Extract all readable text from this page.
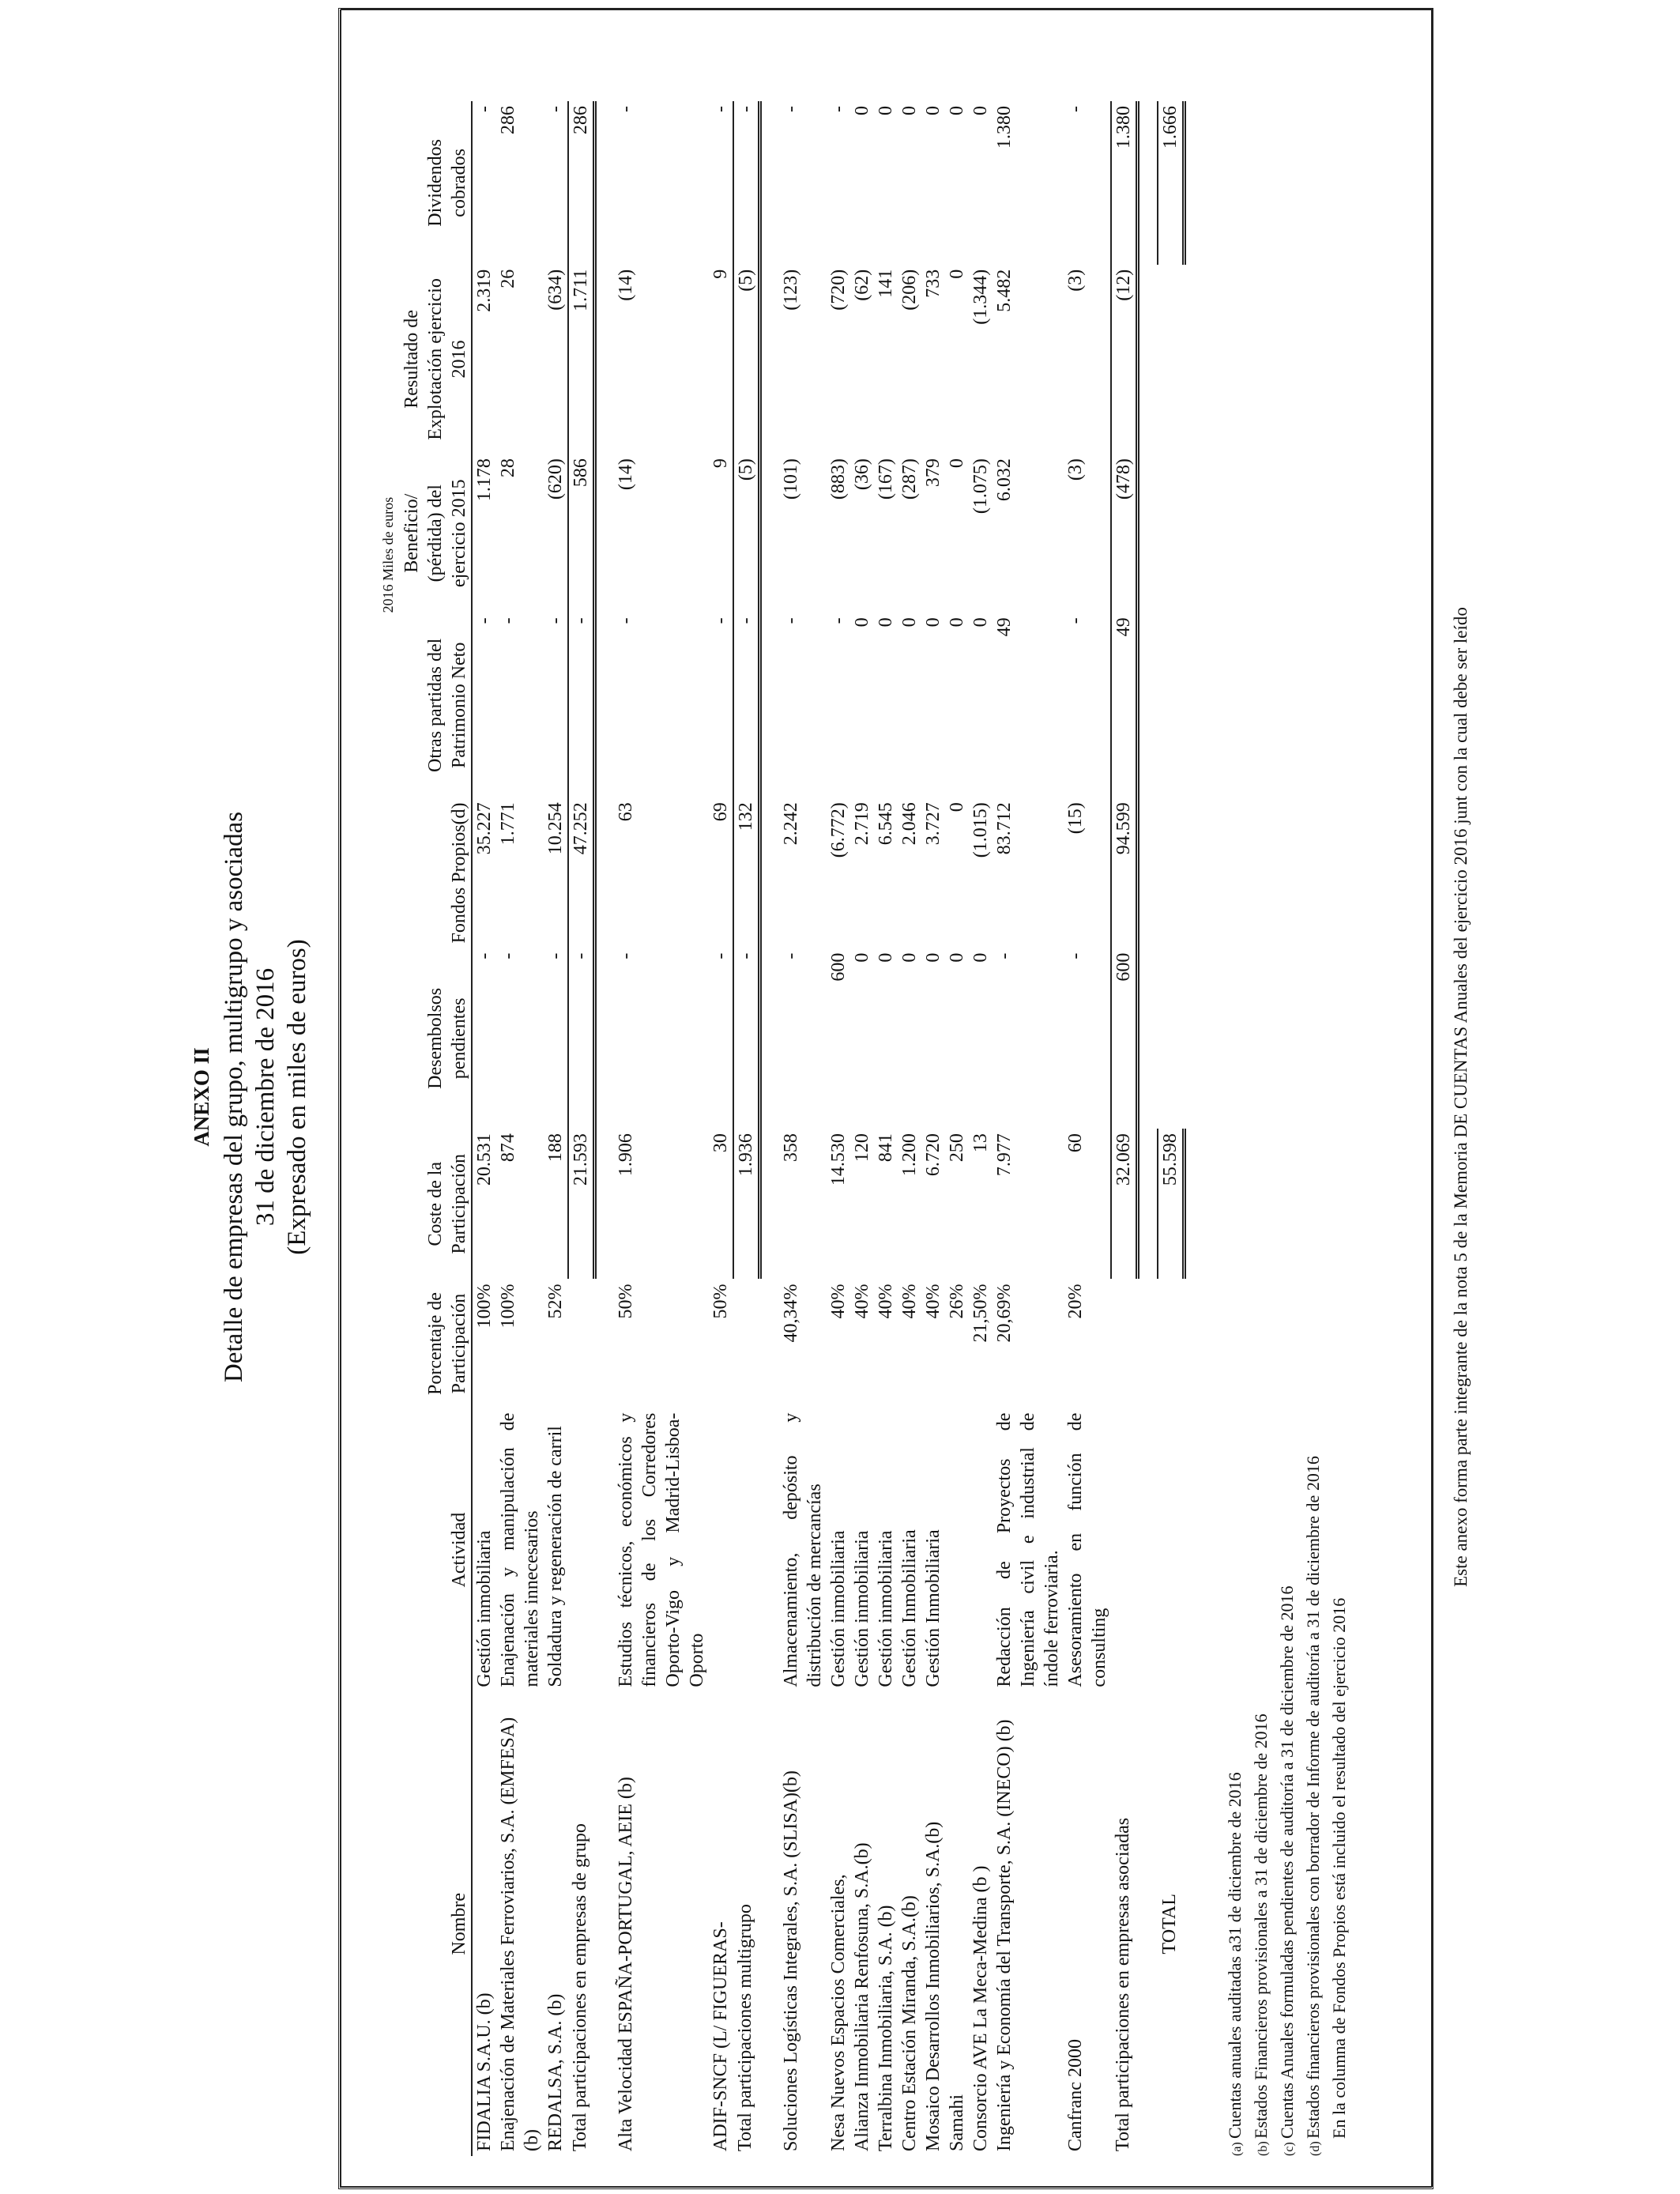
ANEXO II Detalle de empresas del grupo, multigrupo y asociadas 31 de diciembre de 2016 (Expresado en miles de euros)
							2016 Miles de euros		
Nombre	Actividad	Porcentaje de Participación	Coste de la Participación	Desembolsos pendientes	Fondos Propios(d)	Otras partidas del Patrimonio Neto	Beneficio/ (pérdida) del ejercicio 2015	Resultado de Explotación ejercicio 2016	Dividendos cobrados
FIDALIA S.A.U. (b)	Gestión inmobiliaria	100%	20.531	-	35.227	-	1.178	2.319	-
Enajenación de Materiales Ferroviarios, S.A. (EMFESA) (b)	Enajenación y manipulación de materiales innecesarios	100%	874	-	1.771	-	28	26	286
REDALSA, S.A. (b)	Soldadura y regeneración de carril	52%	188	-	10.254	-	(620)	(634)	-
Total participaciones en empresas de grupo			21.593	-	47.252	-	586	1.711	286

Alta Velocidad ESPAÑA-PORTUGAL, AEIE (b)	Estudios técnicos, económicos y financieros de los Corredores Oporto-Vigo y Madrid-Lisboa-Oporto	50%	1.906	-	63	-	(14)	(14)	-
ADIF-SNCF (L/ FIGUERAS-		50%	30	-	69	-	9	9	-
Total participaciones multigrupo			1.936	-	132	-	(5)	(5)	-

Soluciones Logísticas Integrales, S.A. (SLISA)(b)	Almacenamiento, depósito y distribución de mercancías	40,34%	358	-	2.242	-	(101)	(123)	-
Nesa Nuevos Espacios Comerciales,	Gestión inmobiliaria	40%	14.530	600	(6.772)	-	(883)	(720)	-
Alianza Inmobiliaria Renfosuna, S.A.(b)	Gestión inmobiliaria	40%	120	0	2.719	0	(36)	(62)	0
Terralbina Inmobiliaria, S.A. (b)	Gestión inmobiliaria	40%	841	0	6.545	0	(167)	141	0
Centro Estación Miranda, S.A.(b)	Gestión Inmobiliaria	40%	1.200	0	2.046	0	(287)	(206)	0
Mosaico Desarrollos Inmobiliarios, S.A.(b)	Gestión Inmobiliaria	40%	6.720	0	3.727	0	379	733	0
Samahi		26%	250	0	0	0	0	0	0
Consorcio AVE La Meca-Medina (b )		21,50%	13	0	(1.015)	0	(1.075)	(1.344)	0
Ingeniería y Economía del Transporte, S.A. (INECO) (b)	Redacción de Proyectos de Ingeniería civil e industrial de índole ferroviaria.	20,69%	7.977	-	83.712	49	6.032	5.482	1.380
Canfranc 2000	Asesoramiento en función de consulting	20%	60	-	(15)	-	(3)	(3)	-
Total participaciones en empresas asociadas			32.069	600	94.599	49	(478)	(12)	1.380

TOTAL			55.598						1.666
(a)Cuentas anuales auditadas a31 de diciembre de 2016
(b)Estados Financieros provisionales a 31 de diciembre de 2016
(c)Cuentas Anuales formuladas pendientes de auditoría a 31 de diciembre de 2016
(d)Estados financieros provisionales con borrador de Informe de auditoría a 31 de diciembre de 2016 En la columna de Fondos Propios está incluido el resultado del ejercicio 2016
Este anexo forma parte integrante de la nota 5 de la Memoria DE CUENTAS Anuales del ejercicio 2016 junt con la cual debe ser leído
